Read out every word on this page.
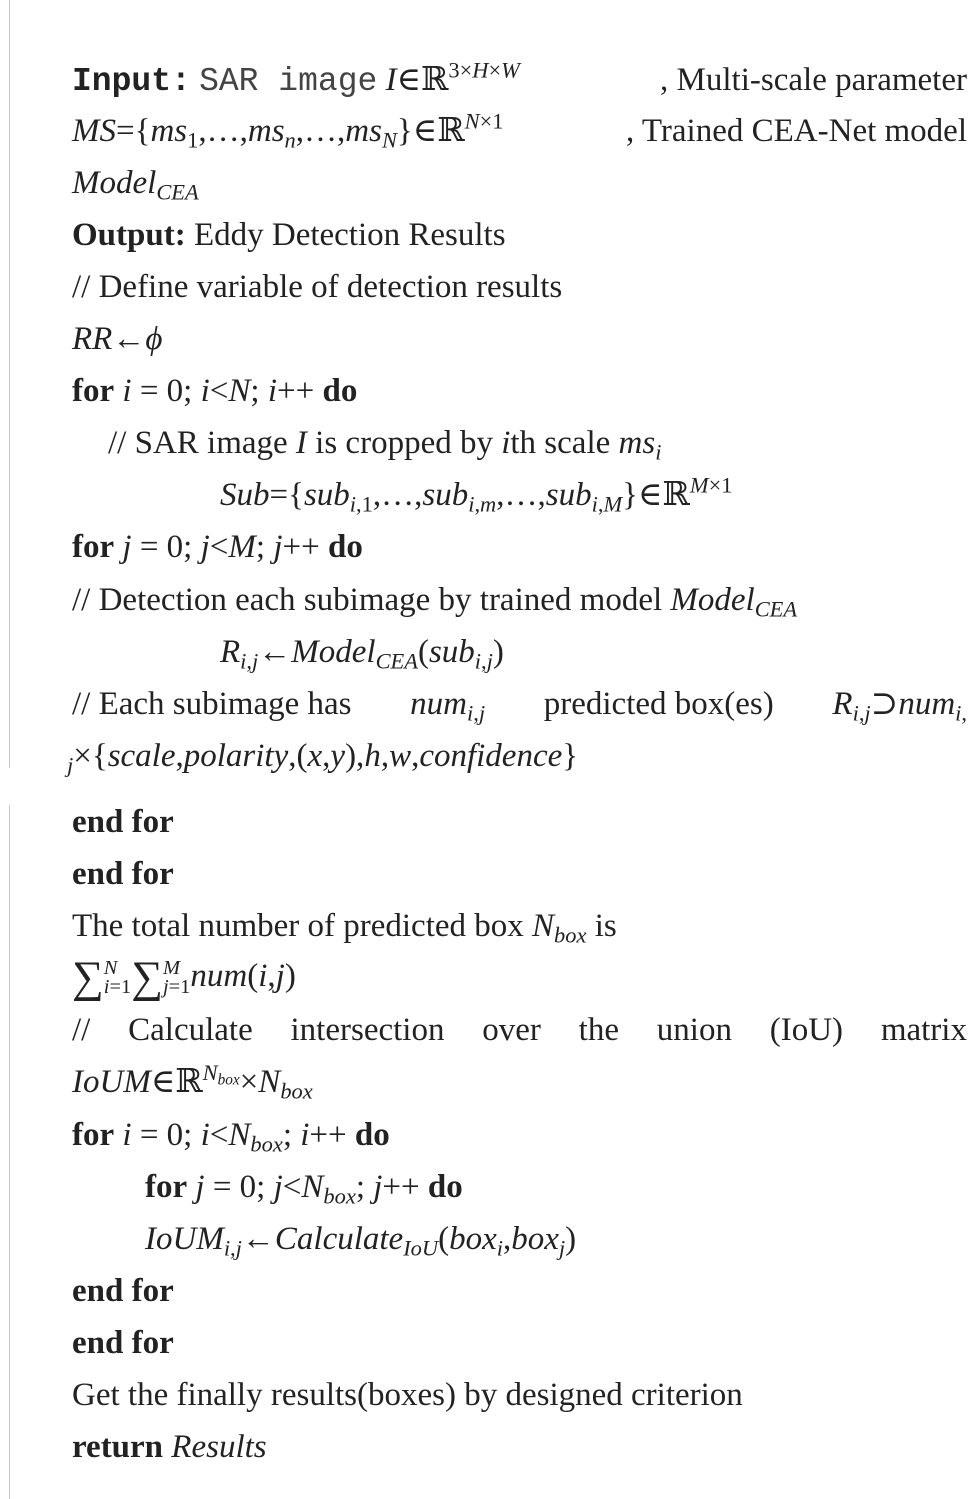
Input: SAR image I∈ℝ$^{3\times H\times W}$	, Multi-scale parameter
$MS=\{ms_1,\dots,ms_n,\dots,ms_N\}\in ℝ^{N\times 1}$	, Trained CEA-Net model
Model$_{CEA}$
Output: Eddy Detection Results
// Define variable of detection results
RR←ϕ
for i = 0; i<N; i++ do
// SAR image I is cropped by ith scale $ms_i$
Sub={sub$_{i,1}$,…,sub$_{i,m}$,…,sub$_{i,M}$}∈ℝ$^{M\times 1}$
for j = 0; j<M; j++ do
// Detection each subimage by trained model Model$_{CEA}$
$R_{i,j}\leftarrow Model_{CEA}(sub_{i,j})$
// Each subimage has num$_{i,j}$ predicted box(es) $R_{i,j}⊃num_{i,}$
$_j$×{scale,polarity,(x,y),h,w,confidence}
end for
end for
The total number of predicted box $N_{box}$ is
∑ N
i=1 ∑ M
j=1 num(i,j)
// Calculate intersection over the union (IoU) matrix
$IoUM\in ℝ^{N_{box}}\times N_{box}$
for i = 0; $i<N_{box}$; i++ do
for j = 0; $j<N_{box}$; j++ do
IoUM$_{i,j}$←Calculate$_{IoU}$(box$_i$,box$_j$)
end for
end for
Get the finally results(boxes) by designed criterion
return Results
